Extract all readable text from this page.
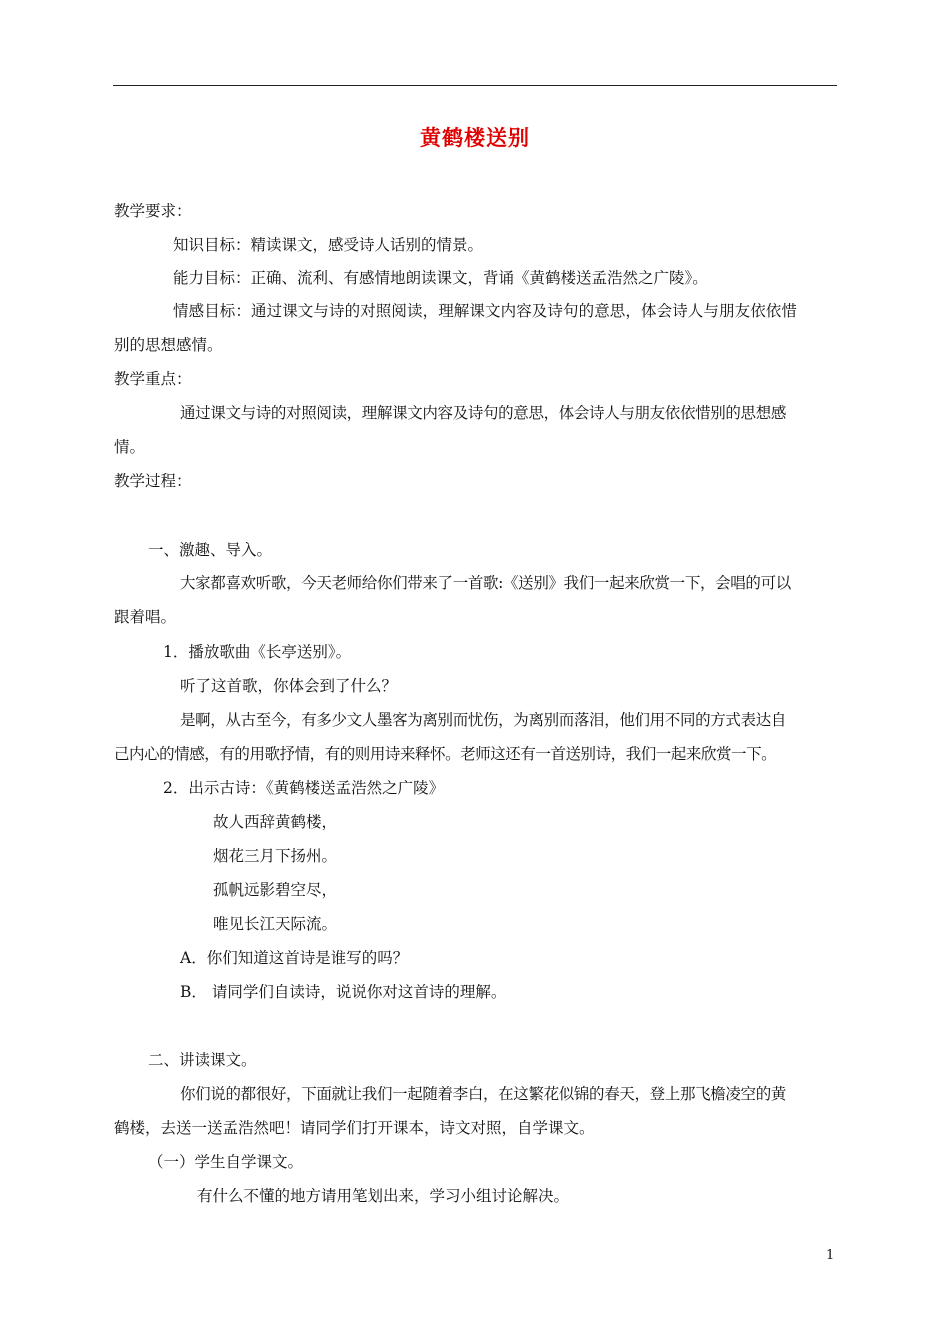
黄鹤楼送别
教学要求：
知识目标：精读课文，感受诗人话别的情景。
能力目标：正确、流利、有感情地朗读课文，背诵《黄鹤楼送孟浩然之广陵》。
情感目标：通过课文与诗的对照阅读，理解课文内容及诗句的意思，体会诗人与朋友依依惜
别的思想感情。
教学重点：
通过课文与诗的对照阅读，理解课文内容及诗句的意思，体会诗人与朋友依依惜别的思想感
情。
教学过程：
一、激趣、导入。
大家都喜欢听歌，今天老师给你们带来了一首歌:《送别》我们一起来欣赏一下，会唱的可以
跟着唱。
1．播放歌曲《长亭送别》。
听了这首歌，你体会到了什么？
是啊，从古至今，有多少文人墨客为离别而忧伤，为离别而落泪，他们用不同的方式表达自
己内心的情感，有的用歌抒情，有的则用诗来释怀。老师这还有一首送别诗，我们一起来欣赏一下。
2．出示古诗：《黄鹤楼送孟浩然之广陵》
故人西辞黄鹤楼，
烟花三月下扬州。
孤帆远影碧空尽，
唯见长江天际流。
A．你们知道这首诗是谁写的吗？
B． 请同学们自读诗，说说你对这首诗的理解。
二、讲读课文。
你们说的都很好，下面就让我们一起随着李白，在这繁花似锦的春天，登上那飞檐凌空的黄
鹤楼，去送一送孟浩然吧！请同学们打开课本，诗文对照，自学课文。
（一）学生自学课文。
有什么不懂的地方请用笔划出来，学习小组讨论解决。
1
